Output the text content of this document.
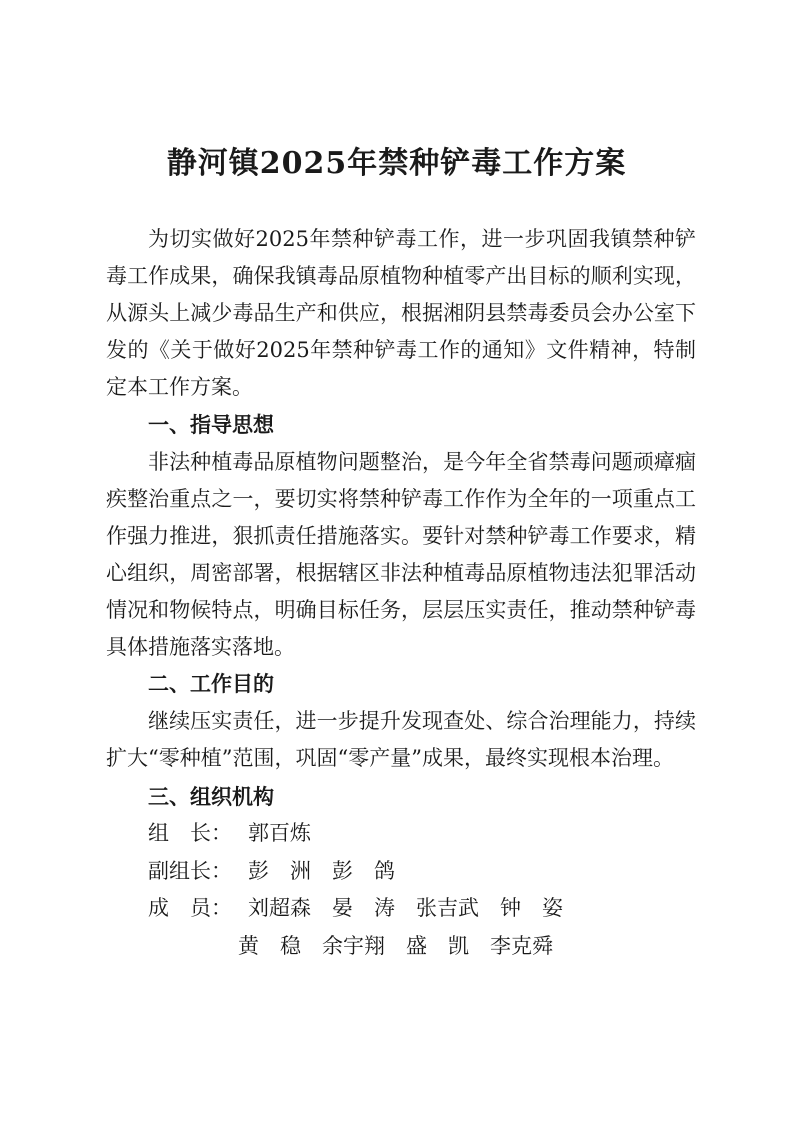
静河镇2025年禁种铲毒工作方案

为切实做好2025年禁种铲毒工作，进一步巩固我镇禁种铲毒工作成果，确保我镇毒品原植物种植零产出目标的顺利实现，从源头上减少毒品生产和供应，根据湘阴县禁毒委员会办公室下发的《关于做好2025年禁种铲毒工作的通知》文件精神，特制定本工作方案。

一、指导思想

非法种植毒品原植物问题整治，是今年全省禁毒问题顽瘴痼疾整治重点之一，要切实将禁种铲毒工作作为全年的一项重点工作强力推进，狠抓责任措施落实。要针对禁种铲毒工作要求，精心组织，周密部署，根据辖区非法种植毒品原植物违法犯罪活动情况和物候特点，明确目标任务，层层压实责任，推动禁种铲毒具体措施落实落地。

二、工作目的

继续压实责任，进一步提升发现查处、综合治理能力，持续扩大“零种植”范围，巩固“零产量”成果，最终实现根本治理。

三、组织机构
组　长： 郭百炼
副组长： 彭　洲　彭　鸽
成　员： 刘超森　晏　涛　张吉武　钟　姿
黄　稳　余宇翔　盛　凯　李克舜
